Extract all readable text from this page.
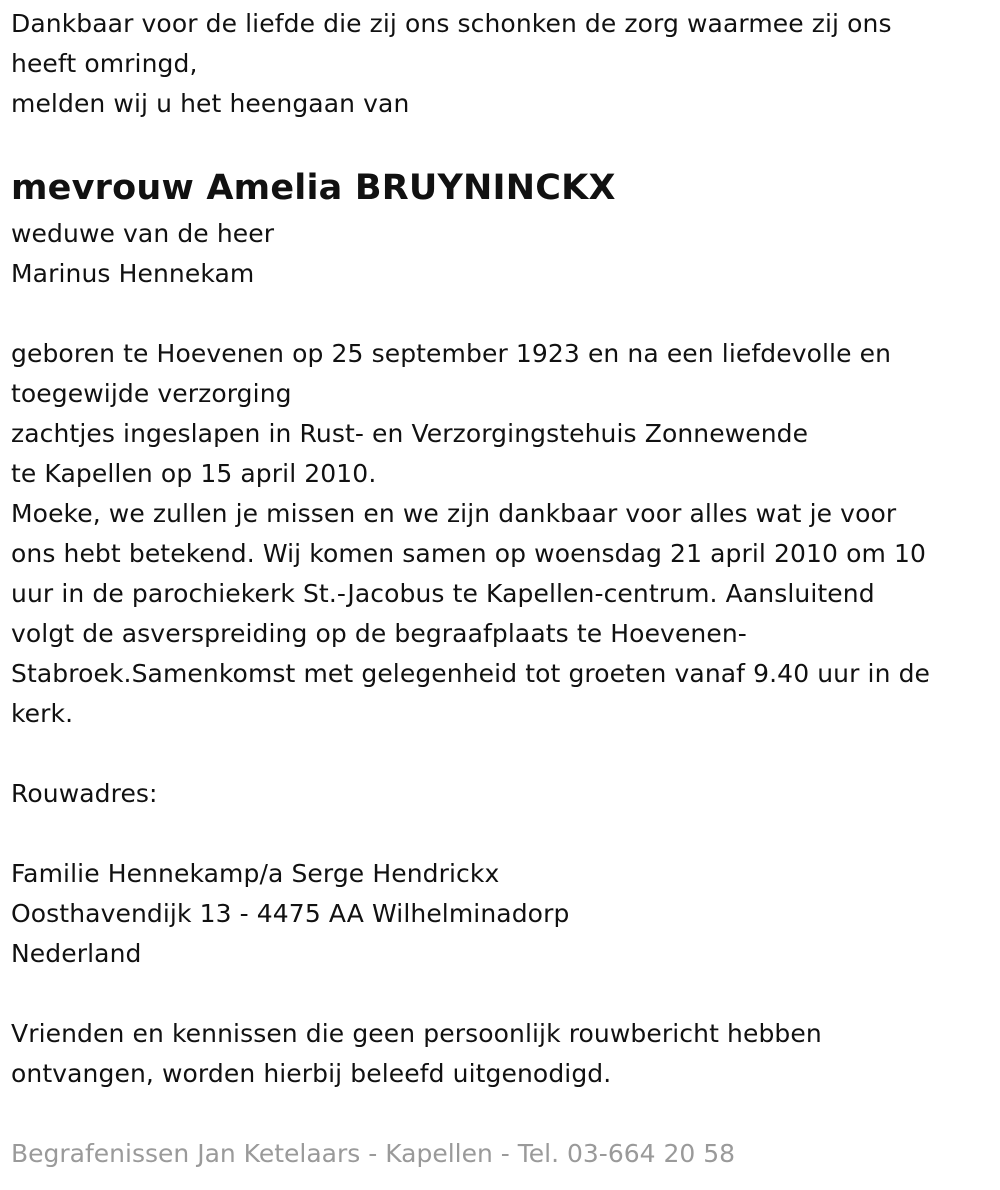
Dankbaar voor de liefde die zij ons schonken de zorg waarmee zij ons
heeft omringd,
melden wij u het heengaan van
mevrouw Amelia BRUYNINCKX
weduwe van de heer
Marinus Hennekam
geboren te Hoevenen op 25 september 1923 en na een liefdevolle en
toegewijde verzorging
zachtjes ingeslapen in Rust- en Verzorgingstehuis Zonnewende
te Kapellen op 15 april 2010.
Moeke, we zullen je missen en we zijn dankbaar voor alles wat je voor
ons hebt betekend. Wij komen samen op woensdag 21 april 2010 om 10
uur in de parochiekerk St.-Jacobus te Kapellen-centrum. Aansluitend
volgt de asverspreiding op de begraafplaats te Hoevenen-
Stabroek.Samenkomst met gelegenheid tot groeten vanaf 9.40 uur in de
kerk.
Rouwadres:
Familie Hennekamp/a Serge Hendrickx
Oosthavendijk 13 - 4475 AA Wilhelminadorp
Nederland
Vrienden en kennissen die geen persoonlijk rouwbericht hebben
ontvangen, worden hierbij beleefd uitgenodigd.
Begrafenissen Jan Ketelaars - Kapellen - Tel. 03-664 20 58
